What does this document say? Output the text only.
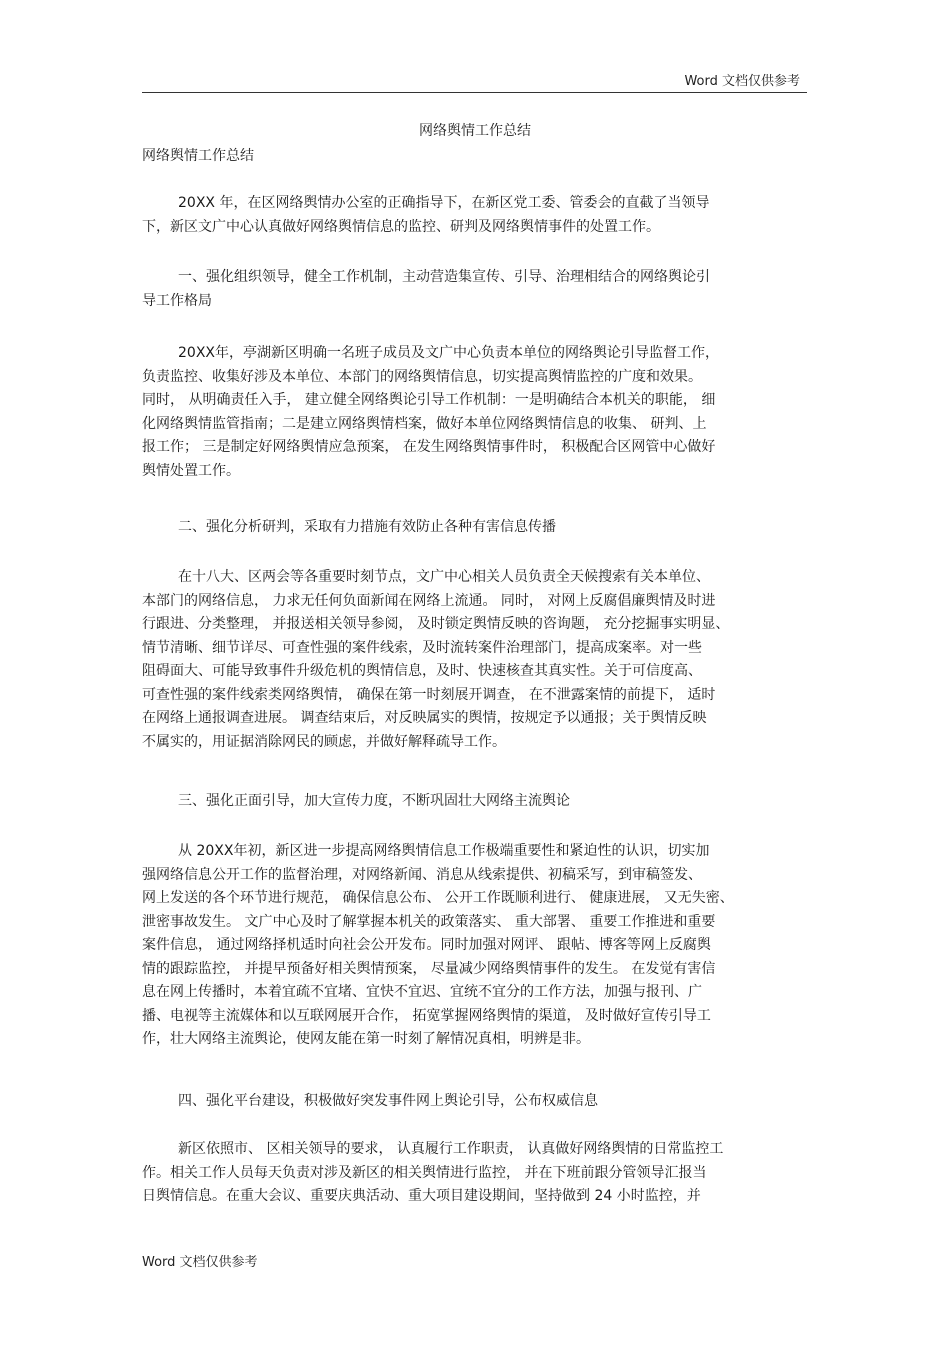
Word 文档仅供参考
网络舆情工作总结
网络舆情工作总结
20XX 年，在区网络舆情办公室的正确指导下，在新区党工委、管委会的直截了当领导
下，新区文广中心认真做好网络舆情信息的监控、研判及网络舆情事件的处置工作。
一、强化组织领导，健全工作机制，主动营造集宣传、引导、治理相结合的网络舆论引
导工作格局
20XX年，亭湖新区明确一名班子成员及文广中心负责本单位的网络舆论引导监督工作，
负责监控、收集好涉及本单位、本部门的网络舆情信息，切实提高舆情监控的广度和效果。
同时， 从明确责任入手， 建立健全网络舆论引导工作机制：一是明确结合本机关的职能， 细
化网络舆情监管指南；二是建立网络舆情档案，做好本单位网络舆情信息的收集、 研判、上
报工作； 三是制定好网络舆情应急预案， 在发生网络舆情事件时， 积极配合区网管中心做好
舆情处置工作。
二、强化分析研判，采取有力措施有效防止各种有害信息传播
在十八大、区两会等各重要时刻节点，文广中心相关人员负责全天候搜索有关本单位、
本部门的网络信息， 力求无任何负面新闻在网络上流通。 同时， 对网上反腐倡廉舆情及时进
行跟进、分类整理， 并报送相关领导参阅， 及时锁定舆情反映的咨询题， 充分挖掘事实明显、
情节清晰、细节详尽、可查性强的案件线索，及时流转案件治理部门，提高成案率。对一些
阻碍面大、可能导致事件升级危机的舆情信息，及时、快速核查其真实性。关于可信度高、
可查性强的案件线索类网络舆情， 确保在第一时刻展开调查， 在不泄露案情的前提下， 适时
在网络上通报调查进展。 调查结束后，对反映属实的舆情，按规定予以通报；关于舆情反映
不属实的，用证据消除网民的顾虑，并做好解释疏导工作。
三、强化正面引导，加大宣传力度，不断巩固壮大网络主流舆论
从 20XX年初，新区进一步提高网络舆情信息工作极端重要性和紧迫性的认识，切实加
强网络信息公开工作的监督治理，对网络新闻、消息从线索提供、初稿采写，到审稿签发、
网上发送的各个环节进行规范， 确保信息公布、 公开工作既顺利进行、 健康进展， 又无失密、
泄密事故发生。 文广中心及时了解掌握本机关的政策落实、 重大部署、 重要工作推进和重要
案件信息， 通过网络择机适时向社会公开发布。同时加强对网评、 跟帖、博客等网上反腐舆
情的跟踪监控， 并提早预备好相关舆情预案， 尽量减少网络舆情事件的发生。 在发觉有害信
息在网上传播时，本着宜疏不宜堵、宜快不宜迟、宜统不宜分的工作方法，加强与报刊、广
播、电视等主流媒体和以互联网展开合作， 拓宽掌握网络舆情的渠道， 及时做好宣传引导工
作，壮大网络主流舆论，使网友能在第一时刻了解情况真相，明辨是非。
四、强化平台建设，积极做好突发事件网上舆论引导，公布权威信息
新区依照市、 区相关领导的要求， 认真履行工作职责， 认真做好网络舆情的日常监控工
作。相关工作人员每天负责对涉及新区的相关舆情进行监控， 并在下班前跟分管领导汇报当
日舆情信息。在重大会议、重要庆典活动、重大项目建设期间，坚持做到 24 小时监控，并
Word 文档仅供参考
